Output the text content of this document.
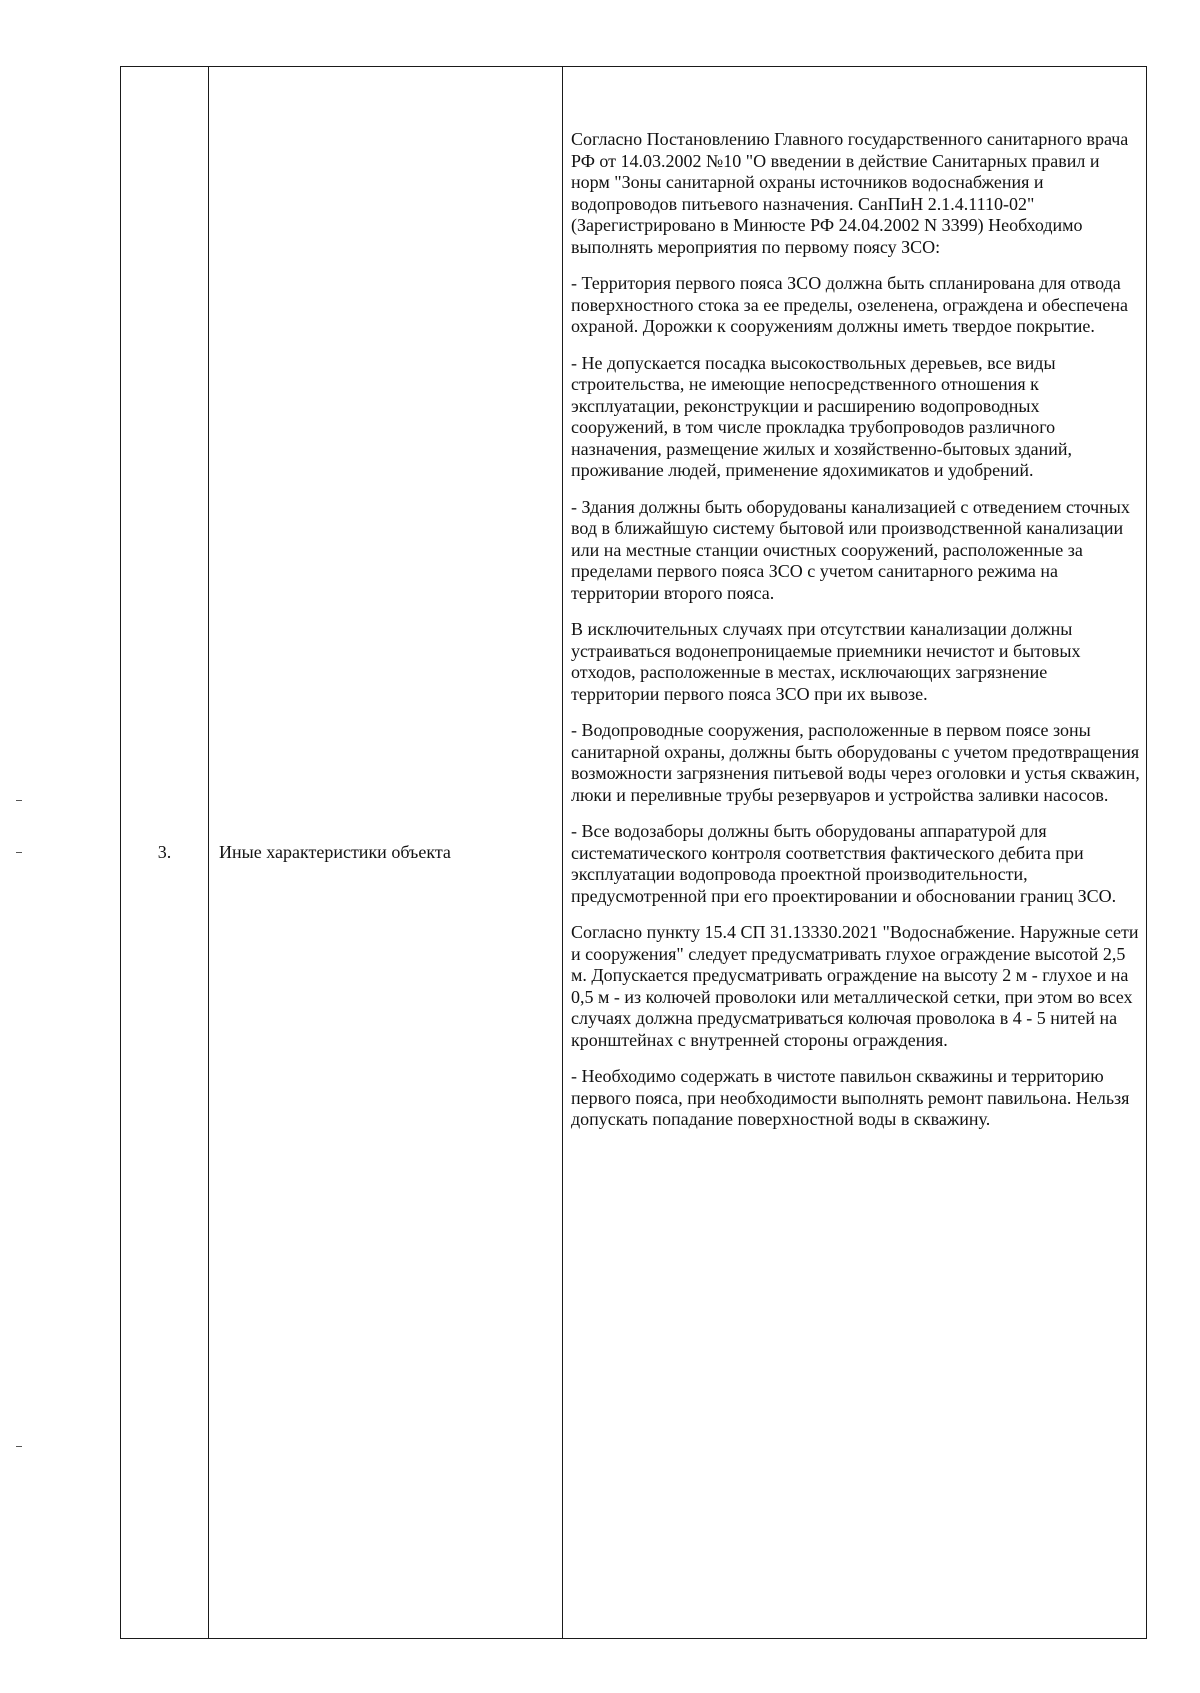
3.	Иные характеристики объекта	

Согласно Постановлению Главного государственного санитарного врача РФ от 14.03.2002 №10 "О введении в действие Санитарных правил и норм "Зоны санитарной охраны источников водоснабжения и водопроводов питьевого назначения. СанПиН 2.1.4.1110-02" (Зарегистрировано в Минюсте РФ 24.04.2002 N 3399) Необходимо выполнять мероприятия по первому поясу ЗСО:

- Территория первого пояса ЗСО должна быть спланирована для отвода поверхностного стока за ее пределы, озеленена, ограждена и обеспечена охраной. Дорожки к сооружениям должны иметь твердое покрытие.

- Не допускается посадка высокоствольных деревьев, все виды строительства, не имеющие непосредственного отношения к эксплуатации, реконструкции и расширению водопроводных сооружений, в том числе прокладка трубопроводов различного назначения, размещение жилых и хозяйственно-бытовых зданий, проживание людей, применение ядохимикатов и удобрений.

- Здания должны быть оборудованы канализацией с отведением сточных вод в ближайшую систему бытовой или производственной канализации или на местные станции очистных сооружений, расположенные за пределами первого пояса ЗСО с учетом санитарного режима на территории второго пояса.

В исключительных случаях при отсутствии канализации должны устраиваться водонепроницаемые приемники нечистот и бытовых отходов, расположенные в местах, исключающих загрязнение территории первого пояса ЗСО при их вывозе.

- Водопроводные сооружения, расположенные в первом поясе зоны санитарной охраны, должны быть оборудованы с учетом предотвращения возможности загрязнения питьевой воды через оголовки и устья скважин, люки и переливные трубы резервуаров и устройства заливки насосов.

- Все водозаборы должны быть оборудованы аппаратурой для систематического контроля соответствия фактического дебита при эксплуатации водопровода проектной производительности, предусмотренной при его проектировании и обосновании границ ЗСО.

Согласно пункту 15.4 СП 31.13330.2021 "Водоснабжение. Наружные сети и сооружения" следует предусматривать глухое ограждение высотой 2,5 м. Допускается предусматривать ограждение на высоту 2 м - глухое и на 0,5 м - из колючей проволоки или металлической сетки, при этом во всех случаях должна предусматриваться колючая проволока в 4 - 5 нитей на кронштейнах с внутренней стороны ограждения.

- Необходимо содержать в чистоте павильон скважины и территорию первого пояса, при необходимости выполнять ремонт павильона. Нельзя допускать попадание поверхностной воды в скважину.
